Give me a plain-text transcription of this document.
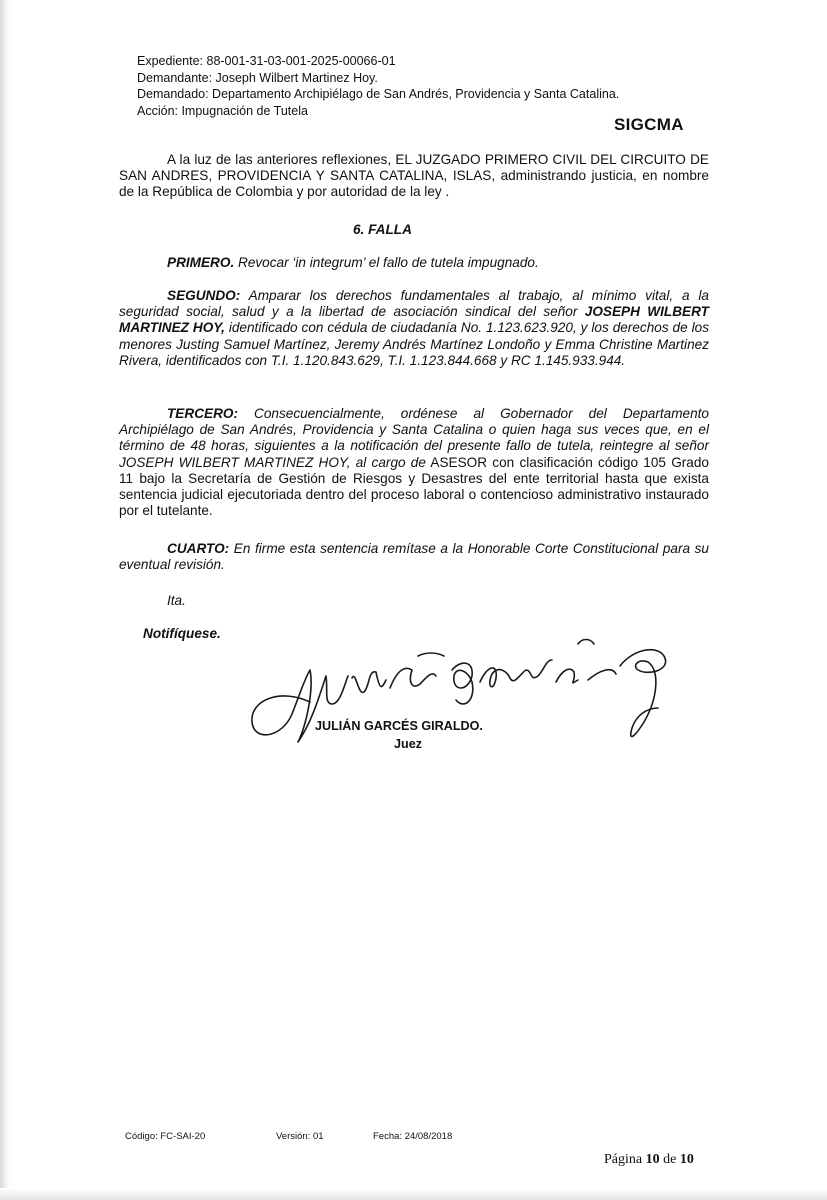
Expediente: 88-001-31-03-001-2025-00066-01
Demandante: Joseph Wilbert Martinez Hoy.
Demandado: Departamento Archipiélago de San Andrés, Providencia y Santa Catalina.
Acción: Impugnación de Tutela
SIGCMA
A la luz de las anteriores reflexiones, EL JUZGADO PRIMERO CIVIL DEL CIRCUITO DE SAN ANDRES, PROVIDENCIA Y SANTA CATALINA, ISLAS, administrando justicia, en nombre de la República de Colombia y por autoridad de la ley .
6. FALLA
PRIMERO. Revocar ‘in integrum’ el fallo de tutela impugnado.
SEGUNDO: Amparar los derechos fundamentales al trabajo, al mínimo vital, a la seguridad social, salud y a la libertad de asociación sindical del señor JOSEPH WILBERT MARTINEZ HOY, identificado con cédula de ciudadanía No. 1.123.623.920, y los derechos de los menores Justing Samuel Martínez, Jeremy Andrés Martínez Londoño y Emma Christine Martinez Rivera, identificados con T.I. 1.120.843.629, T.I. 1.123.844.668 y RC 1.145.933.944.
TERCERO: Consecuencialmente, ordénese al Gobernador del Departamento Archipiélago de San Andrés, Providencia y Santa Catalina o quien haga sus veces que, en el término de 48 horas, siguientes a la notificación del presente fallo de tutela, reintegre al señor JOSEPH WILBERT MARTINEZ HOY, al cargo de ASESOR con clasificación código 105 Grado 11 bajo la Secretaría de Gestión de Riesgos y Desastres del ente territorial hasta que exista sentencia judicial ejecutoriada dentro del proceso laboral o contencioso administrativo instaurado por el tutelante.
CUARTO: En firme esta sentencia remítase a la Honorable Corte Constitucional para su eventual revisión.
Ita.
Notifíquese.
JULIÁN GARCÉS GIRALDO.
Juez
Código: FC-SAI-20	Versión: 01	Fecha: 24/08/2018
Página 10 de 10
